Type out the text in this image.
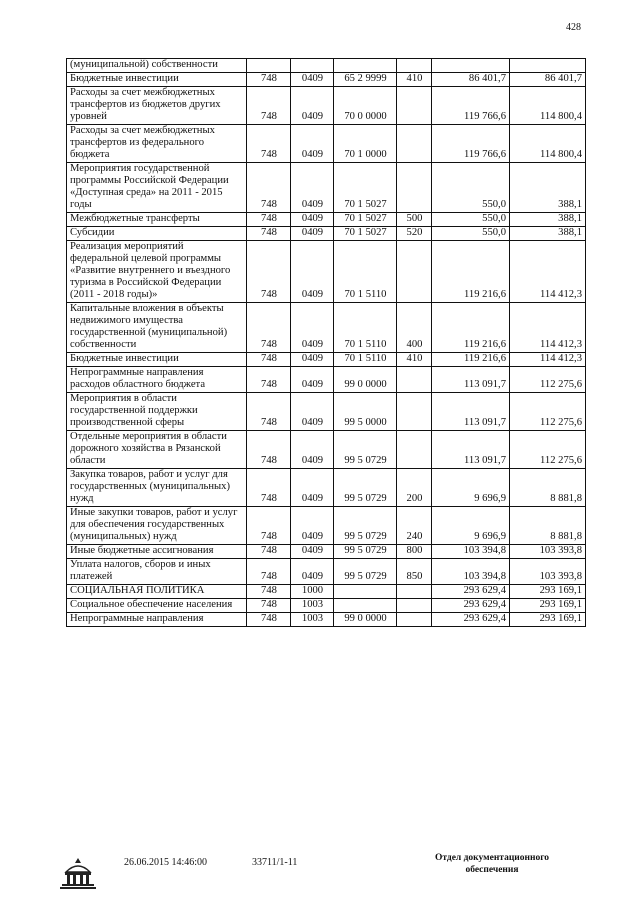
428
(муниципальной) собственности						
Бюджетные инвестиции	748	0409	65 2 9999	410	86 401,7	86 401,7
Расходы за счет межбюджетных трансфертов из бюджетов других уровней	748	0409	70 0 0000		119 766,6	114 800,4
Расходы за счет межбюджетных трансфертов из федерального бюджета	748	0409	70 1 0000		119 766,6	114 800,4
Мероприятия государственной программы Российской Федерации «Доступная среда» на 2011 - 2015 годы	748	0409	70 1 5027		550,0	388,1
Межбюджетные трансферты	748	0409	70 1 5027	500	550,0	388,1
Субсидии	748	0409	70 1 5027	520	550,0	388,1
Реализация мероприятий федеральной целевой программы «Развитие внутреннего и въездного туризма в Российской Федерации (2011 - 2018 годы)»	748	0409	70 1 5110		119 216,6	114 412,3
Капитальные вложения в объекты недвижимого имущества государственной (муниципальной) собственности	748	0409	70 1 5110	400	119 216,6	114 412,3
Бюджетные инвестиции	748	0409	70 1 5110	410	119 216,6	114 412,3
Непрограммные направления расходов областного бюджета	748	0409	99 0 0000		113 091,7	112 275,6
Мероприятия в области государственной поддержки производственной сферы	748	0409	99 5 0000		113 091,7	112 275,6
Отдельные мероприятия в области дорожного хозяйства в Рязанской области	748	0409	99 5 0729		113 091,7	112 275,6
Закупка товаров, работ и услуг для государственных (муниципальных) нужд	748	0409	99 5 0729	200	9 696,9	8 881,8
Иные закупки товаров, работ и услуг для обеспечения государственных (муниципальных) нужд	748	0409	99 5 0729	240	9 696,9	8 881,8
Иные бюджетные ассигнования	748	0409	99 5 0729	800	103 394,8	103 393,8
Уплата налогов, сборов и иных платежей	748	0409	99 5 0729	850	103 394,8	103 393,8
СОЦИАЛЬНАЯ ПОЛИТИКА	748	1000			293 629,4	293 169,1
Социальное обеспечение населения	748	1003			293 629,4	293 169,1
Непрограммные направления	748	1003	99 0 0000		293 629,4	293 169,1
26.06.2015 14:46:00	33711/1-11	Отдел документационного обеспечения
